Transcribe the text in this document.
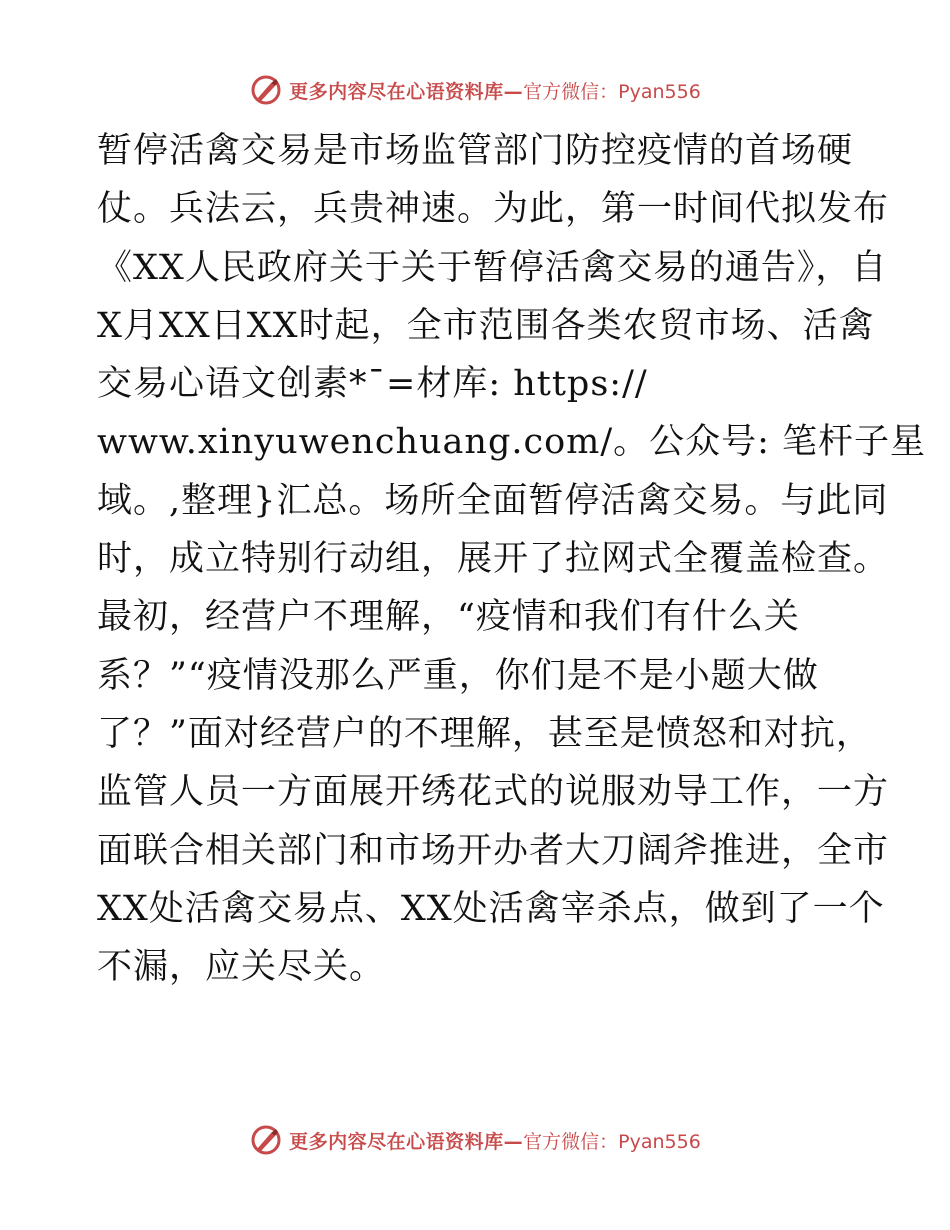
更多内容尽在心语资料库— 官方微信：Pyan556
暂停活禽交易是市场监管部门防控疫情的首场硬
仗。兵法云，兵贵神速。为此，第一时间代拟发布
《XX人民政府关于关于暂停活禽交易的通告》，自
X月XX日XX时起，全市范围各类农贸市场、活禽
交易心语文创素*¯=材库: https://
www.xinyuwenchuang.com/。公众号: 笔杆子星
域。,整理}汇总。场所全面暂停活禽交易。与此同
时，成立特别行动组，展开了拉网式全覆盖检查。
最初，经营户不理解，“疫情和我们有什么关
系？”“疫情没那么严重，你们是不是小题大做
了？”面对经营户的不理解，甚至是愤怒和对抗，
监管人员一方面展开绣花式的说服劝导工作，一方
面联合相关部门和市场开办者大刀阔斧推进，全市
XX处活禽交易点、XX处活禽宰杀点，做到了一个
不漏，应关尽关。
更多内容尽在心语资料库— 官方微信：Pyan556
